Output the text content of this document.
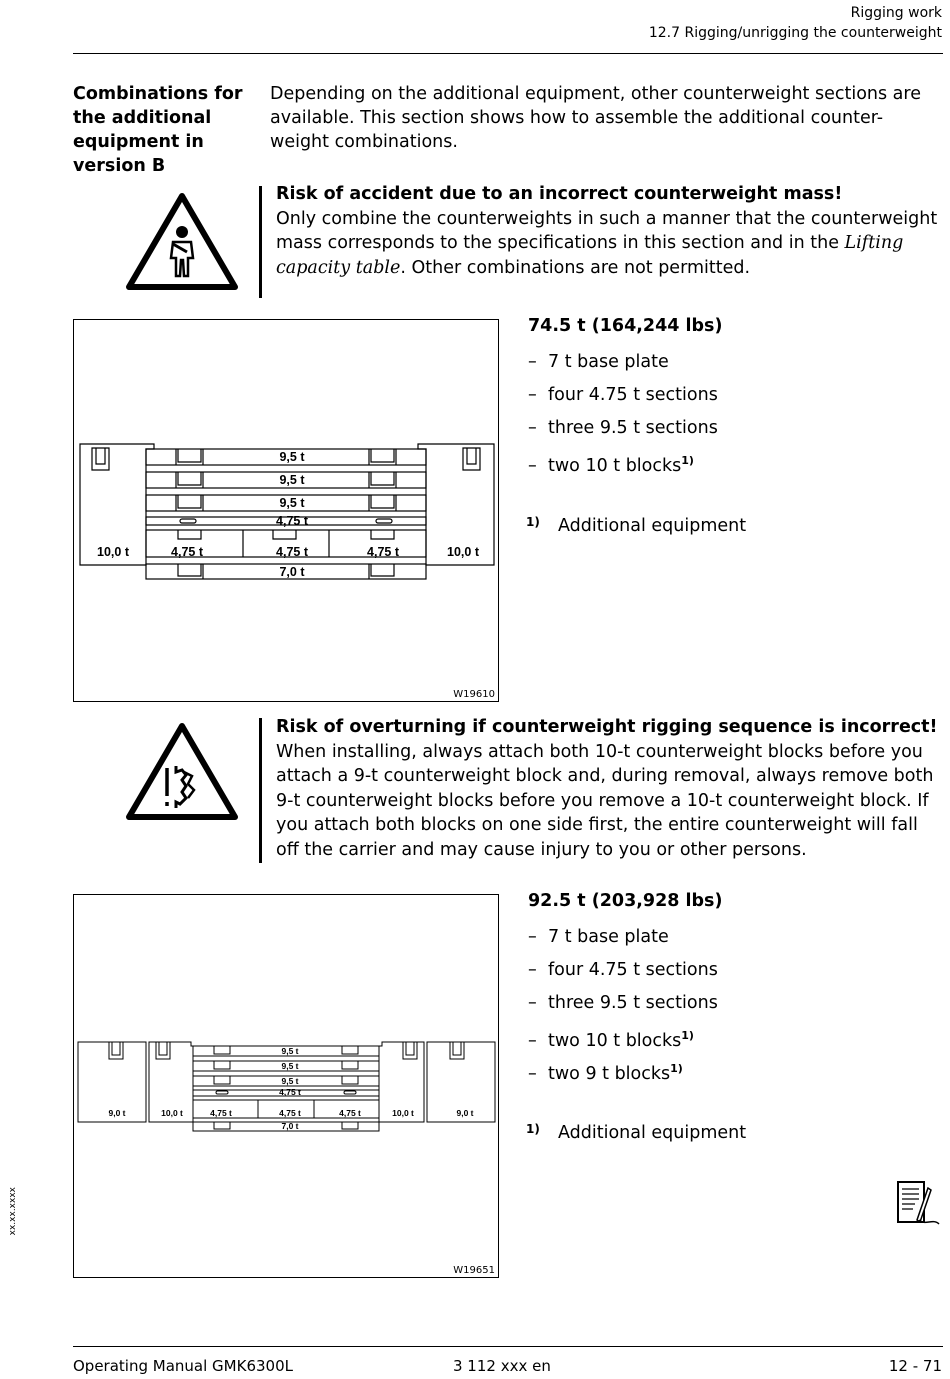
Rigging work
12.7 Rigging/unrigging the counterweight
Combinations for the additional equipment in version B
Depending on the additional equipment, other counterweight sections are available. This section shows how to assemble the additional counter-weight combinations.
Risk of accident due to an incorrect counterweight mass!
Only combine the counterweights in such a manner that the counterweight mass corresponds to the specifications in this section and in the Lifting capacity table. Other combinations are not permitted.
9,5 t
9,5 t
9,5 t
4,75 t
4,75 t	4,75 t	4,75 t
7,0 t
10,0 t	10,0 t
W19610
74.5 t (164,244 lbs)
– 7 t base plate
– four 4.75 t sections
– three 9.5 t sections
– two 10 t blocks$^{1)}$
1) Additional equipment
Risk of overturning if counterweight rigging sequence is incorrect!
When installing, always attach both 10-t counterweight blocks before you attach a 9-t counterweight block and, during removal, always remove both 9-t counterweight blocks before you remove a 10-t counterweight block. If you attach both blocks on one side first, the entire counterweight will fall off the carrier and may cause injury to you or other persons.
9,5 t
9,5 t
9,5 t
4,75 t
4,75 t	4,75 t	4,75 t
7,0 t
10,0 t	10,0 t
9,0 t	9,0 t
W19651
92.5 t (203,928 lbs)
– 7 t base plate
– four 4.75 t sections
– three 9.5 t sections
– two 10 t blocks$^{1)}$
– two 9 t blocks$^{1)}$
1) Additional equipment
xx.xx.xxxx
Operating Manual GMK6300L	3 112 xxx en	12 - 71
